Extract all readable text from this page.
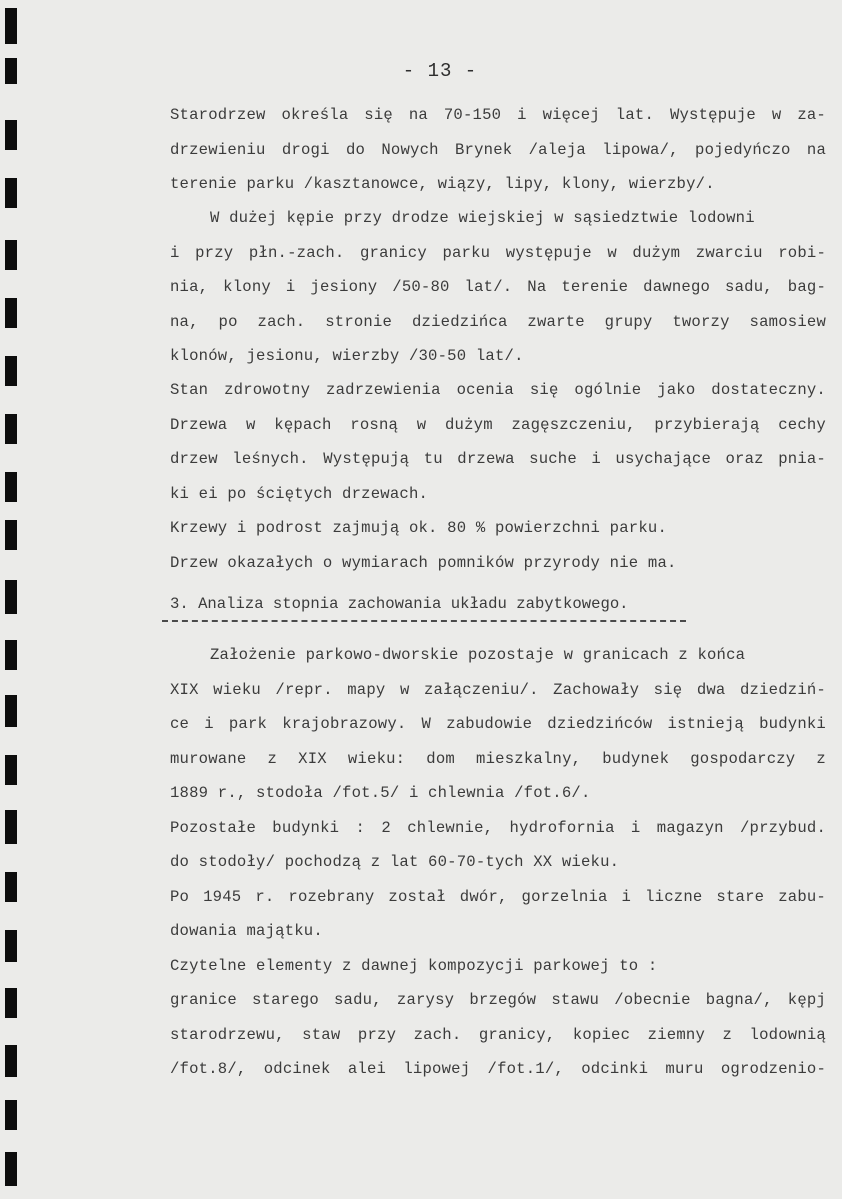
- 13 -
Starodrzew określa się na 70-150 i więcej lat. Występuje w za-
drzewieniu drogi do Nowych Brynek /aleja lipowa/, pojedyńczo na
terenie parku /kasztanowce, wiązy, lipy, klony, wierzby/.
W dużej kępie przy drodze wiejskiej w sąsiedztwie lodowni
i przy płn.-zach. granicy parku występuje w dużym zwarciu robi-
nia, klony i jesiony /50-80 lat/. Na terenie dawnego sadu, bag-
na, po zach. stronie dziedzińca zwarte grupy tworzy samosiew
klonów, jesionu, wierzby /30-50 lat/.
Stan zdrowotny zadrzewienia ocenia się ogólnie jako dostateczny.
Drzewa w kępach rosną w dużym zagęszczeniu, przybierają cechy
drzew leśnych. Występują tu drzewa suche i usychające oraz pnia-
ki ei po ściętych drzewach.
Krzewy i podrost zajmują ok. 80 % powierzchni parku.
Drzew okazałych o wymiarach pomników przyrody nie ma.
3. Analiza stopnia zachowania układu zabytkowego.
Założenie parkowo-dworskie pozostaje w granicach z końca
XIX wieku /repr. mapy w załączeniu/. Zachowały się dwa dziedziń-
ce i park krajobrazowy. W zabudowie dziedzińców istnieją budynki
murowane z XIX wieku: dom mieszkalny, budynek gospodarczy z
1889 r., stodoła /fot.5/ i chlewnia /fot.6/.
Pozostałe budynki : 2 chlewnie, hydrofornia i magazyn /przybud.
do stodoły/ pochodzą z lat 60-70-tych XX wieku.
Po 1945 r. rozebrany został dwór, gorzelnia i liczne stare zabu-
dowania majątku.
Czytelne elementy z dawnej kompozycji parkowej to :
granice starego sadu, zarysy brzegów stawu /obecnie bagna/, kępj
starodrzewu, staw przy zach. granicy, kopiec ziemny z lodownią
/fot.8/, odcinek alei lipowej /fot.1/, odcinki muru ogrodzenio-
